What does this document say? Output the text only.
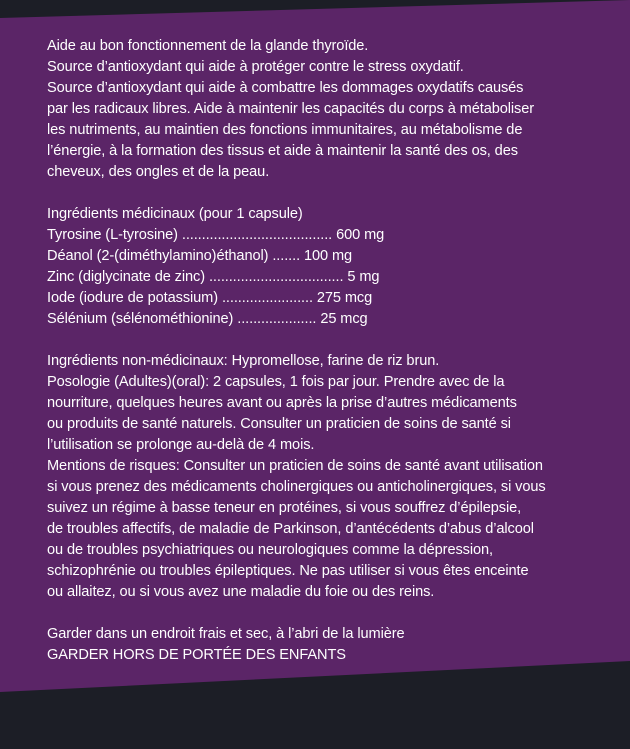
Aide au bon fonctionnement de la glande thyroïde.
Source d’antioxydant qui aide à protéger contre le stress oxydatif.
Source d’antioxydant qui aide à combattre les dommages oxydatifs causés
par les radicaux libres. Aide à maintenir les capacités du corps à métaboliser
les nutriments, au maintien des fonctions immunitaires, au métabolisme de
l’énergie, à la formation des tissus et aide à maintenir la santé des os, des
cheveux, des ongles et de la peau.
Ingrédients médicinaux (pour 1 capsule)
Tyrosine (L-tyrosine) ...................................... 600 mg
Déanol (2-(diméthylamino)éthanol) ....... 100 mg
Zinc (diglycinate de zinc) .................................. 5 mg
Iode (iodure de potassium) ....................... 275 mcg
Sélénium (sélénométhionine) .................... 25 mcg
Ingrédients non-médicinaux: Hypromellose, farine de riz brun.
Posologie (Adultes)(oral): 2 capsules, 1 fois par jour. Prendre avec de la
nourriture, quelques heures avant ou après la prise d’autres médicaments
ou produits de santé naturels. Consulter un praticien de soins de santé si
l’utilisation se prolonge au-delà de 4 mois.
Mentions de risques: Consulter un praticien de soins de santé avant utilisation
si vous prenez des médicaments cholinergiques ou anticholinergiques, si vous
suivez un régime à basse teneur en protéines, si vous souffrez d’épilepsie,
de troubles affectifs, de maladie de Parkinson, d’antécédents d’abus d’alcool
ou de troubles psychiatriques ou neurologiques comme la dépression,
schizophrénie ou troubles épileptiques. Ne pas utiliser si vous êtes enceinte
ou allaitez, ou si vous avez une maladie du foie ou des reins.
Garder dans un endroit frais et sec, à l’abri de la lumière
GARDER HORS DE PORTÉE DES ENFANTS
